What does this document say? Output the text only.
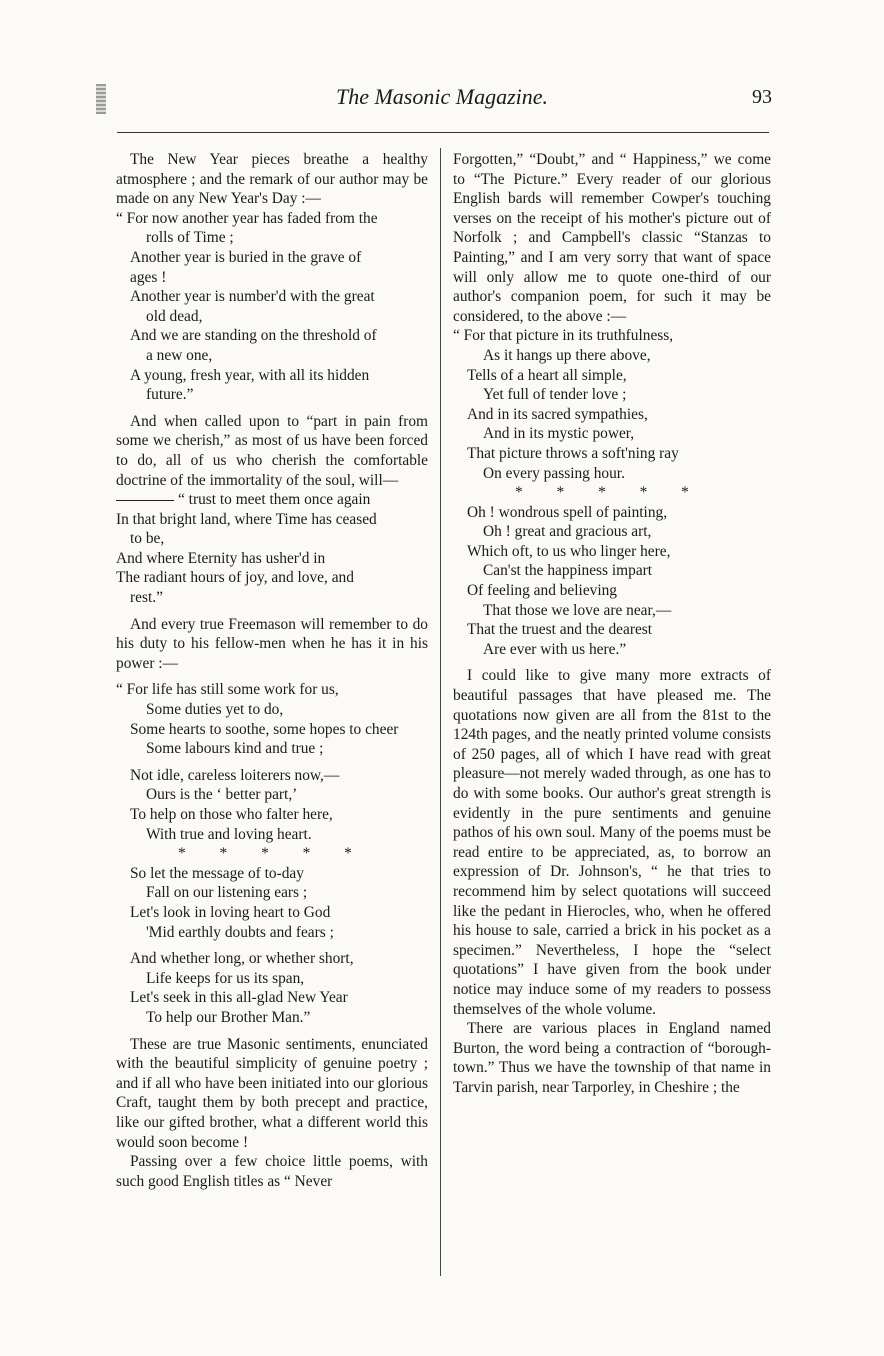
The Masonic Magazine.	93

The New Year pieces breathe a healthy atmosphere ; and the remark of our author may be made on any New Year's Day :—

“ For now another year has faded from the

rolls of Time ;

Another year is buried in the grave of

ages !

Another year is number'd with the great

old dead,

And we are standing on the threshold of

a new one,

A young, fresh year, with all its hidden

future.”

And when called upon to “part in pain from some we cherish,” as most of us have been forced to do, all of us who cherish the comfortable doctrine of the immortality of the soul, will—

“ trust to meet them once again

In that bright land, where Time has ceased

to be,

And where Eternity has usher'd in

The radiant hours of joy, and love, and

rest.”

And every true Freemason will remember to do his duty to his fellow-men when he has it in his power :—

“ For life has still some work for us,

Some duties yet to do,

Some hearts to soothe, some hopes to cheer

Some labours kind and true ;

Not idle, careless loiterers now,—

Ours is the ‘ better part,’

To help on those who falter here,

With true and loving heart.

* * * * *

So let the message of to-day

Fall on our listening ears ;

Let's look in loving heart to God

'Mid earthly doubts and fears ;

And whether long, or whether short,

Life keeps for us its span,

Let's seek in this all-glad New Year

To help our Brother Man.”

These are true Masonic sentiments, enunciated with the beautiful simplicity of genuine poetry ; and if all who have been initiated into our glorious Craft, taught them by both precept and practice, like our gifted brother, what a different world this would soon become !

Passing over a few choice little poems, with such good English titles as “ Never

Forgotten,” “Doubt,” and “ Happiness,” we come to “The Picture.” Every reader of our glorious English bards will remember Cowper's touching verses on the receipt of his mother's picture out of Norfolk ; and Campbell's classic “Stanzas to Painting,” and I am very sorry that want of space will only allow me to quote one-third of our author's companion poem, for such it may be considered, to the above :—

“ For that picture in its truthfulness,

As it hangs up there above,

Tells of a heart all simple,

Yet full of tender love ;

And in its sacred sympathies,

And in its mystic power,

That picture throws a soft'ning ray

On every passing hour.

* * * * *

Oh ! wondrous spell of painting,

Oh ! great and gracious art,

Which oft, to us who linger here,

Can'st the happiness impart

Of feeling and believing

That those we love are near,—

That the truest and the dearest

Are ever with us here.”

I could like to give many more extracts of beautiful passages that have pleased me. The quotations now given are all from the 81st to the 124th pages, and the neatly printed volume consists of 250 pages, all of which I have read with great pleasure—not merely waded through, as one has to do with some books. Our author's great strength is evidently in the pure sentiments and genuine pathos of his own soul. Many of the poems must be read entire to be appreciated, as, to borrow an expression of Dr. Johnson's, “ he that tries to recommend him by select quotations will succeed like the pedant in Hierocles, who, when he offered his house to sale, carried a brick in his pocket as a specimen.” Nevertheless, I hope the “select quotations” I have given from the book under notice may induce some of my readers to possess themselves of the whole volume.

There are various places in England named Burton, the word being a contraction of “borough-town.” Thus we have the township of that name in Tarvin parish, near Tarporley, in Cheshire ; the
